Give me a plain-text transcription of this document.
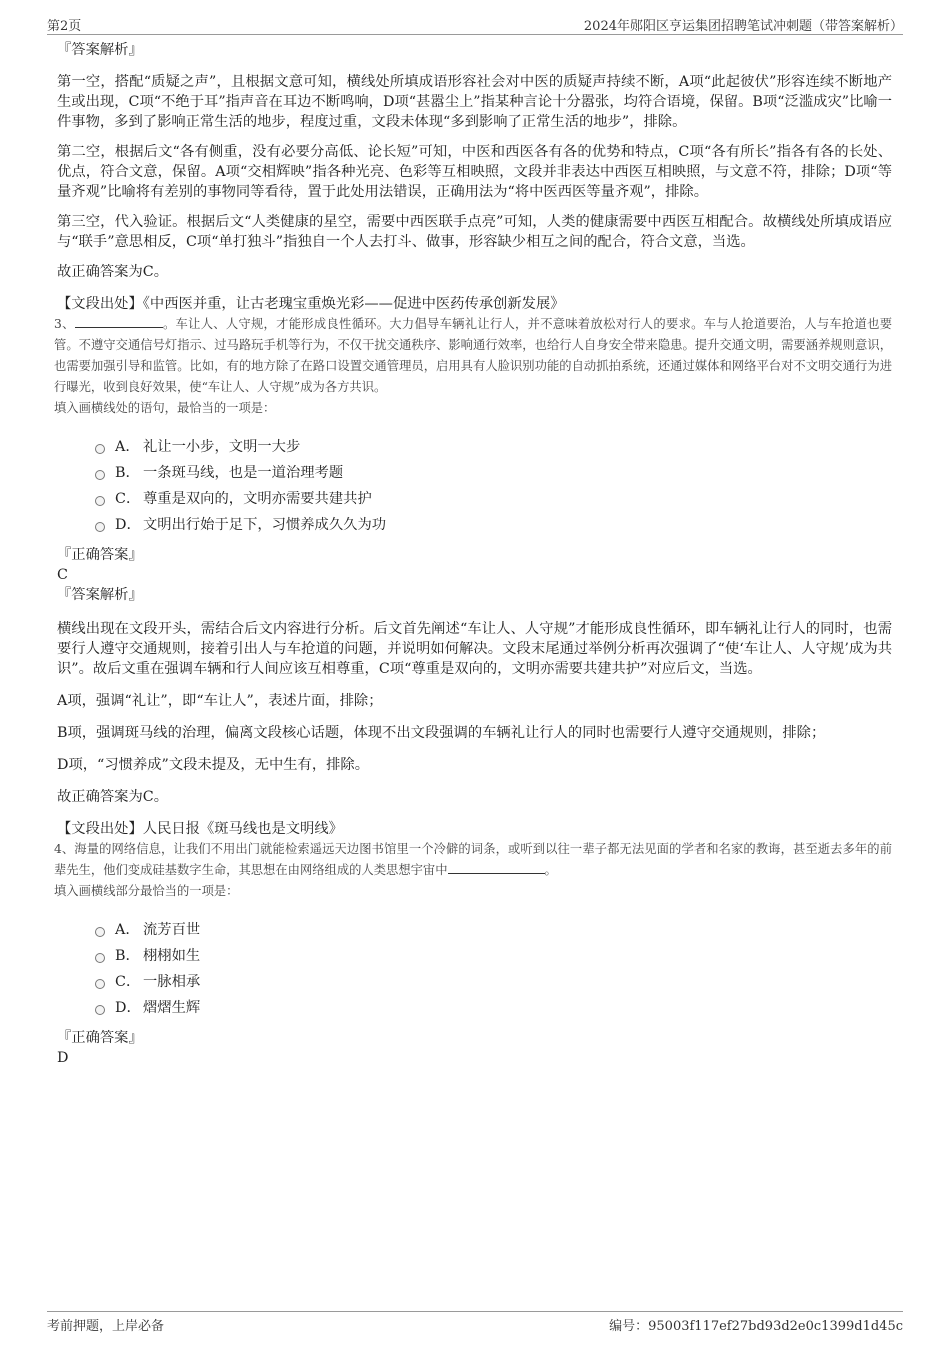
第2页	2024年郧阳区亨运集团招聘笔试冲刺题（带答案解析）

『答案解析』

第一空，搭配“质疑之声”，且根据文意可知，横线处所填成语形容社会对中医的质疑声持续不断，A项“此起彼伏”形容连续不断地产生或出现，C项“不绝于耳”指声音在耳边不断鸣响，D项“甚嚣尘上”指某种言论十分嚣张，均符合语境，保留。B项“泛滥成灾”比喻一件事物，多到了影响正常生活的地步，程度过重，文段未体现“多到影响了正常生活的地步”，排除。

第二空，根据后文“各有侧重，没有必要分高低、论长短”可知，中医和西医各有各的优势和特点，C项“各有所长”指各有各的长处、优点，符合文意，保留。A项“交相辉映”指各种光亮、色彩等互相映照，文段并非表达中西医互相映照，与文意不符，排除；D项“等量齐观”比喻将有差别的事物同等看待，置于此处用法错误，正确用法为“将中医西医等量齐观”，排除。

第三空，代入验证。根据后文“人类健康的星空，需要中西医联手点亮”可知，人类的健康需要中西医互相配合。故横线处所填成语应与“联手”意思相反，C项“单打独斗”指独自一个人去打斗、做事，形容缺少相互之间的配合，符合文意，当选。

故正确答案为C。

【文段出处】《中西医并重，让古老瑰宝重焕光彩——促进中医药传承创新发展》

3、	。车让人、人守规，才能形成良性循环。大力倡导车辆礼让行人，并不意味着放松对行人的要求。车与人抢道要治，人与车抢道也要管。不遵守交通信号灯指示、过马路玩手机等行为，不仅干扰交通秩序、影响通行效率，也给行人自身安全带来隐患。提升交通文明，需要涵养规则意识，也需要加强引导和监管。比如，有的地方除了在路口设置交通管理员，启用具有人脸识别功能的自动抓拍系统，还通过媒体和网络平台对不文明交通行为进行曝光，收到良好效果，使“车让人、人守规”成为各方共识。

填入画横线处的语句，最恰当的一项是：

A． 礼让一小步，文明一大步
B． 一条斑马线，也是一道治理考题
C． 尊重是双向的，文明亦需要共建共护
D． 文明出行始于足下，习惯养成久久为功

『正确答案』

C

『答案解析』

横线出现在文段开头，需结合后文内容进行分析。后文首先阐述“车让人、人守规”才能形成良性循环，即车辆礼让行人的同时，也需要行人遵守交通规则，接着引出人与车抢道的问题，并说明如何解决。文段末尾通过举例分析再次强调了“使‘车让人、人守规’成为共识”。故后文重在强调车辆和行人间应该互相尊重，C项“尊重是双向的，文明亦需要共建共护”对应后文，当选。

A项，强调“礼让”，即“车让人”，表述片面，排除；

B项，强调斑马线的治理，偏离文段核心话题，体现不出文段强调的车辆礼让行人的同时也需要行人遵守交通规则，排除；

D项，“习惯养成”文段未提及，无中生有，排除。

故正确答案为C。

【文段出处】人民日报《斑马线也是文明线》

4、海量的网络信息，让我们不用出门就能检索遥远天边图书馆里一个冷僻的词条，或听到以往一辈子都无法见面的学者和名家的教诲，甚至逝去多年的前辈先生，他们变成硅基数字生命，其思想在由网络组成的人类思想宇宙中	。

填入画横线部分最恰当的一项是：

A． 流芳百世
B． 栩栩如生
C． 一脉相承
D． 熠熠生辉

『正确答案』

D

考前押题，上岸必备	编号：95003f117ef27bd93d2e0c1399d1d45c
